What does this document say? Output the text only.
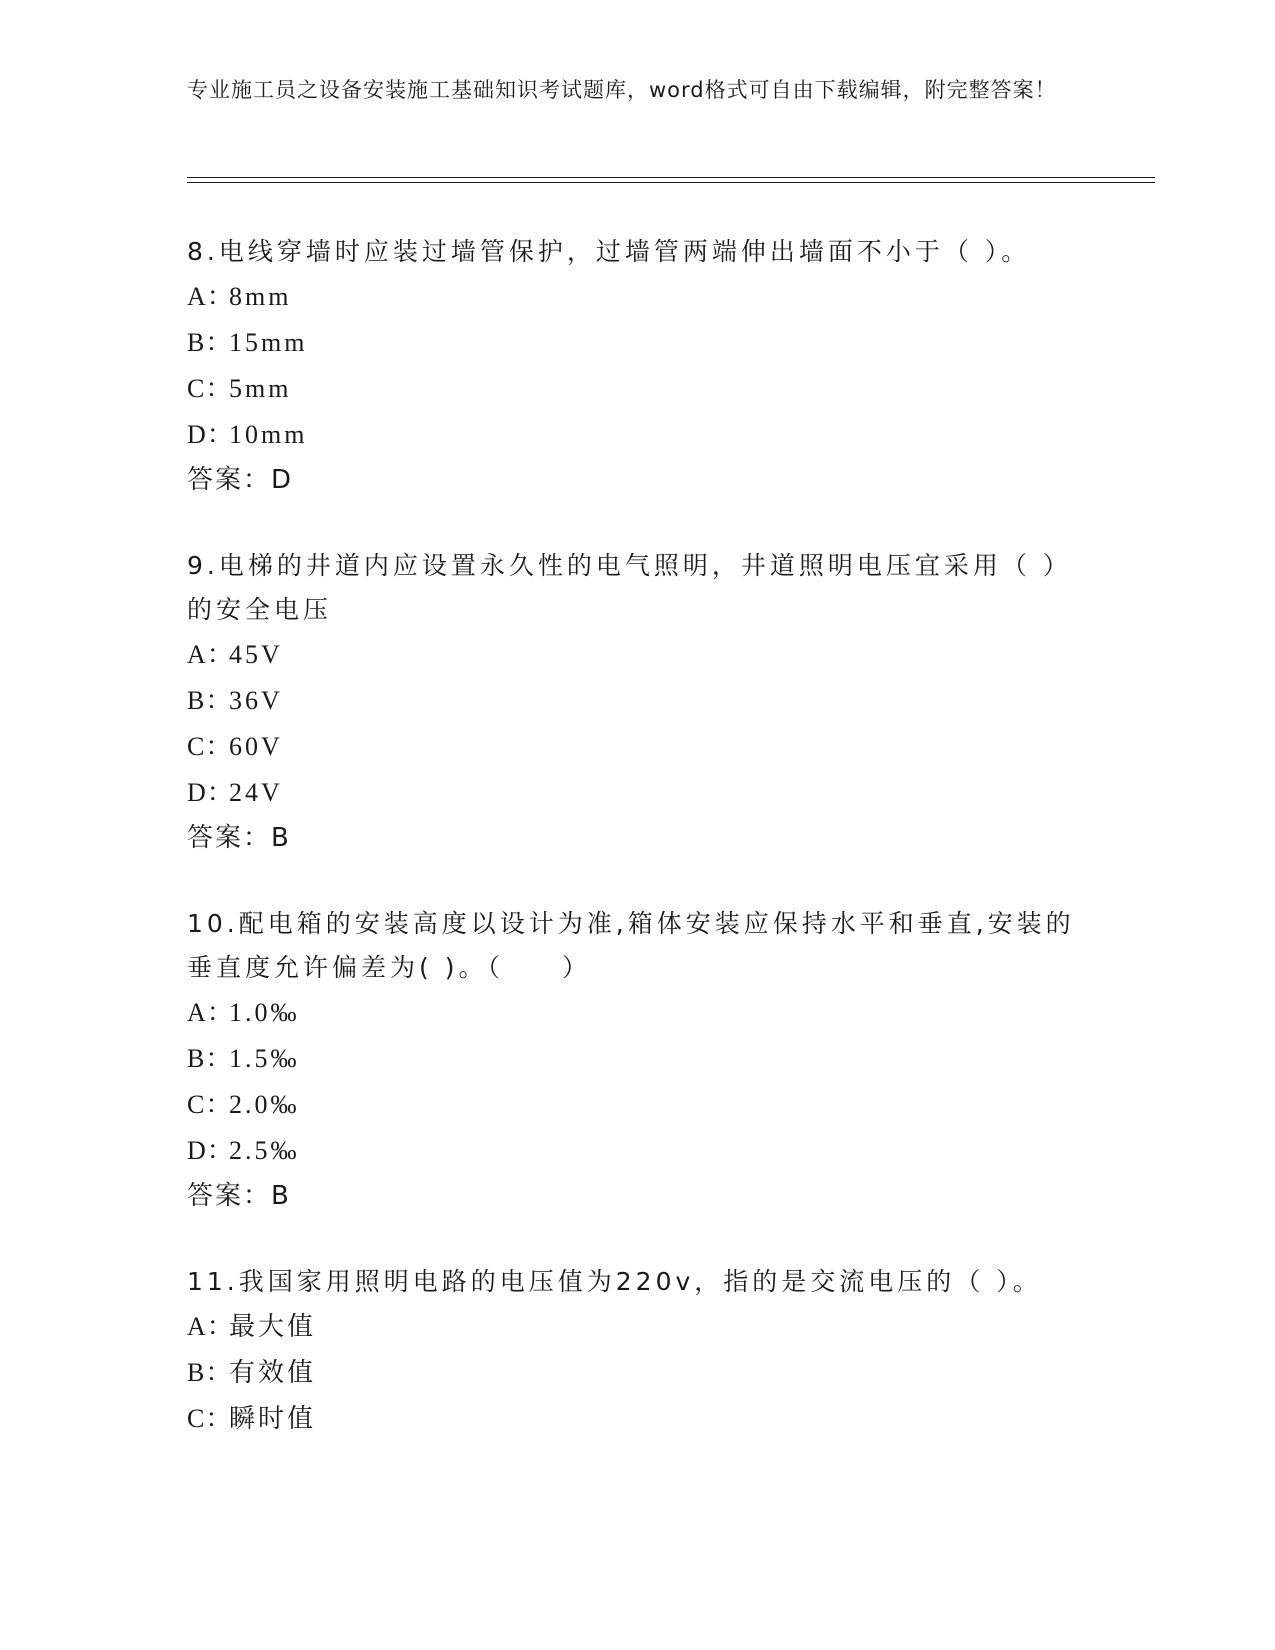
专业施工员之设备安装施工基础知识考试题库，word格式可自由下载编辑，附完整答案！

8.电线穿墙时应装过墙管保护，过墙管两端伸出墙面不小于（ ）。

A：
8mm
B：
15mm
C：
5mm
D：
10mm

答案：D

9.电梯的井道内应设置永久性的电气照明，井道照明电压宜采用（ ）的安全电压

A：
45V
B：
36V
C：
60V
D：
24V

答案：B

10.配电箱的安装高度以设计为准,箱体安装应保持水平和垂直,安装的垂直度允许偏差为( )。（　　）

A：
1.0‰
B：
1.5‰
C：
2.0‰
D：
2.5‰

答案：B

11.我国家用照明电路的电压值为220v，指的是交流电压的（ ）。

A：
最大值
B：
有效值
C：
瞬时值
